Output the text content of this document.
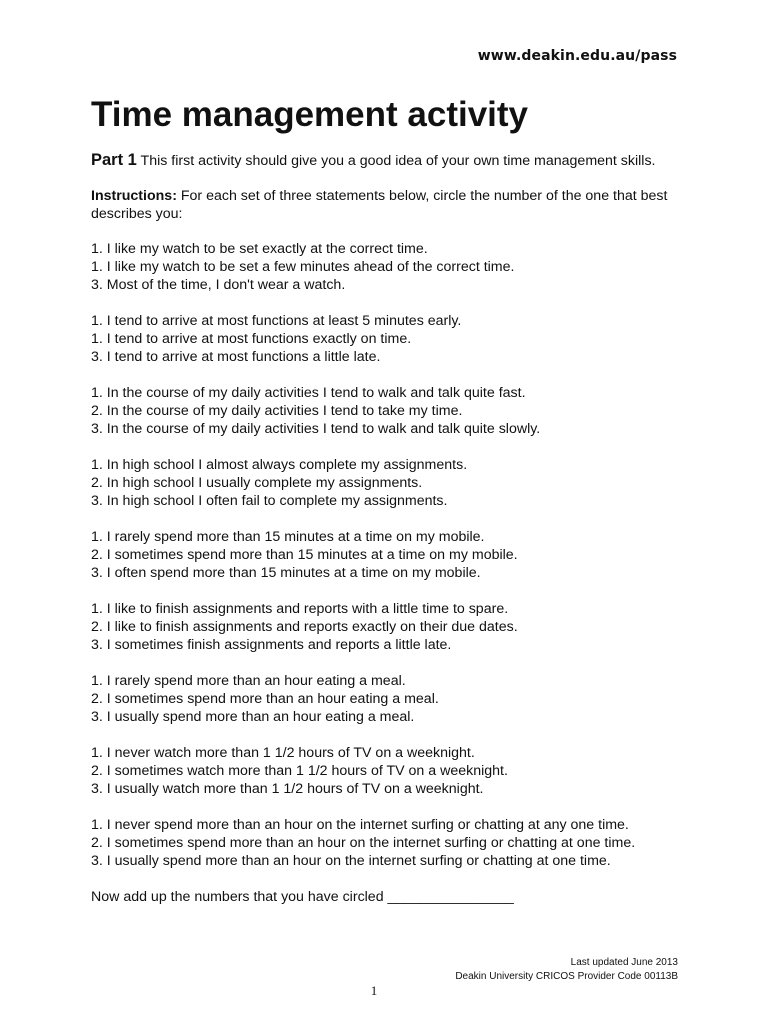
www.deakin.edu.au/pass
Time management activity

Part 1 This first activity should give you a good idea of your own time management skills.

Instructions: For each set of three statements below, circle the number of the one that best describes you:

1. I like my watch to be set exactly at the correct time.
1. I like my watch to be set a few minutes ahead of the correct time.
3. Most of the time, I don't wear a watch.
1. I tend to arrive at most functions at least 5 minutes early.
1. I tend to arrive at most functions exactly on time.
3. I tend to arrive at most functions a little late.
1. In the course of my daily activities I tend to walk and talk quite fast.
2. In the course of my daily activities I tend to take my time.
3. In the course of my daily activities I tend to walk and talk quite slowly.
1. In high school I almost always complete my assignments.
2. In high school I usually complete my assignments.
3. In high school I often fail to complete my assignments.
1. I rarely spend more than 15 minutes at a time on my mobile.
2. I sometimes spend more than 15 minutes at a time on my mobile.
3. I often spend more than 15 minutes at a time on my mobile.
1. I like to finish assignments and reports with a little time to spare.
2. I like to finish assignments and reports exactly on their due dates.
3. I sometimes finish assignments and reports a little late.
1. I rarely spend more than an hour eating a meal.
2. I sometimes spend more than an hour eating a meal.
3. I usually spend more than an hour eating a meal.
1. I never watch more than 1 1/2 hours of TV on a weeknight.
2. I sometimes watch more than 1 1/2 hours of TV on a weeknight.
3. I usually watch more than 1 1/2 hours of TV on a weeknight.
1. I never spend more than an hour on the internet surfing or chatting at any one time.
2. I sometimes spend more than an hour on the internet surfing or chatting at one time.
3. I usually spend more than an hour on the internet surfing or chatting at one time.

Now add up the numbers that you have circled ________________

Last updated June 2013
Deakin University CRICOS Provider Code 00113B
1
